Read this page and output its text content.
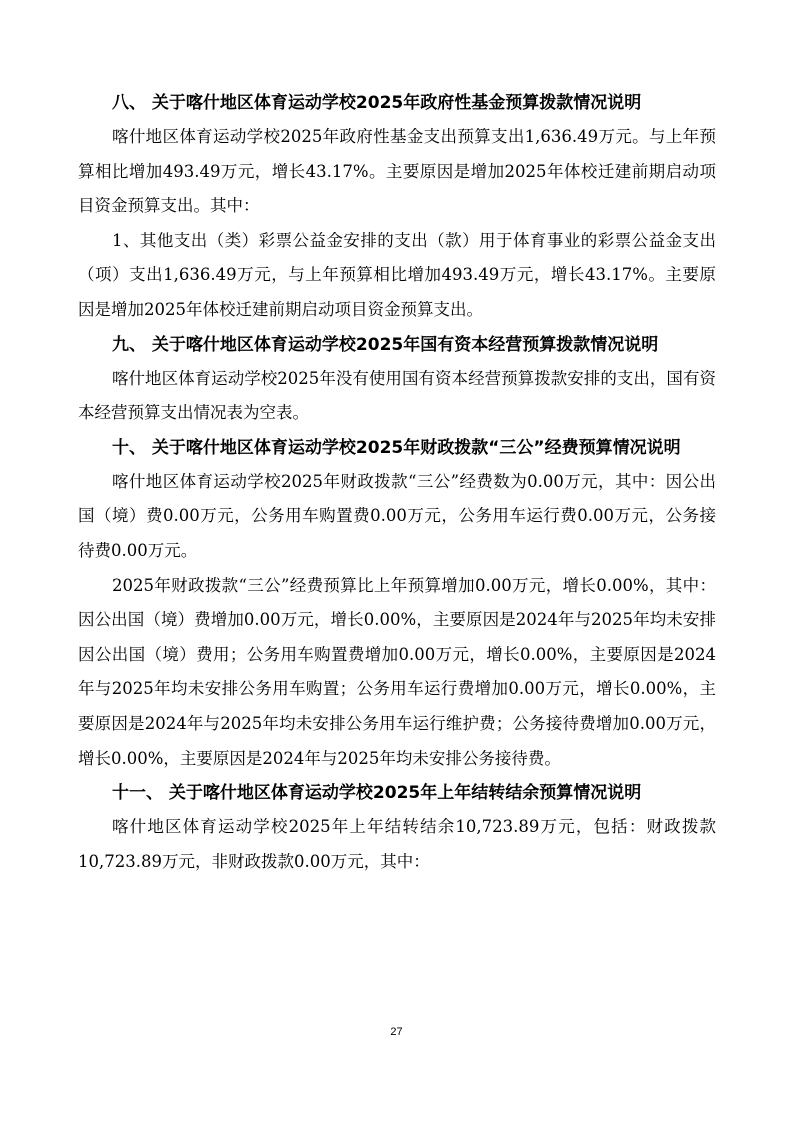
八、 关于喀什地区体育运动学校2025年政府性基金预算拨款情况说明

喀什地区体育运动学校2025年政府性基金支出预算支出1,636.49万元。与上年预算相比增加493.49万元，增长43.17%。主要原因是增加2025年体校迁建前期启动项目资金预算支出。其中：

1、其他支出（类）彩票公益金安排的支出（款）用于体育事业的彩票公益金支出（项）支出1,636.49万元，与上年预算相比增加493.49万元，增长43.17%。主要原因是增加2025年体校迁建前期启动项目资金预算支出。

九、 关于喀什地区体育运动学校2025年国有资本经营预算拨款情况说明

喀什地区体育运动学校2025年没有使用国有资本经营预算拨款安排的支出，国有资本经营预算支出情况表为空表。

十、 关于喀什地区体育运动学校2025年财政拨款“三公”经费预算情况说明

喀什地区体育运动学校2025年财政拨款“三公”经费数为0.00万元，其中：因公出国（境）费0.00万元，公务用车购置费0.00万元，公务用车运行费0.00万元，公务接待费0.00万元。

2025年财政拨款“三公”经费预算比上年预算增加0.00万元，增长0.00%，其中：因公出国（境）费增加0.00万元，增长0.00%，主要原因是2024年与2025年均未安排因公出国（境）费用；公务用车购置费增加0.00万元，增长0.00%，主要原因是2024年与2025年均未安排公务用车购置；公务用车运行费增加0.00万元，增长0.00%，主要原因是2024年与2025年均未安排公务用车运行维护费；公务接待费增加0.00万元，增长0.00%，主要原因是2024年与2025年均未安排公务接待费。

十一、 关于喀什地区体育运动学校2025年上年结转结余预算情况说明

喀什地区体育运动学校2025年上年结转结余10,723.89万元，包括：财政拨款10,723.89万元，非财政拨款0.00万元，其中：

27
